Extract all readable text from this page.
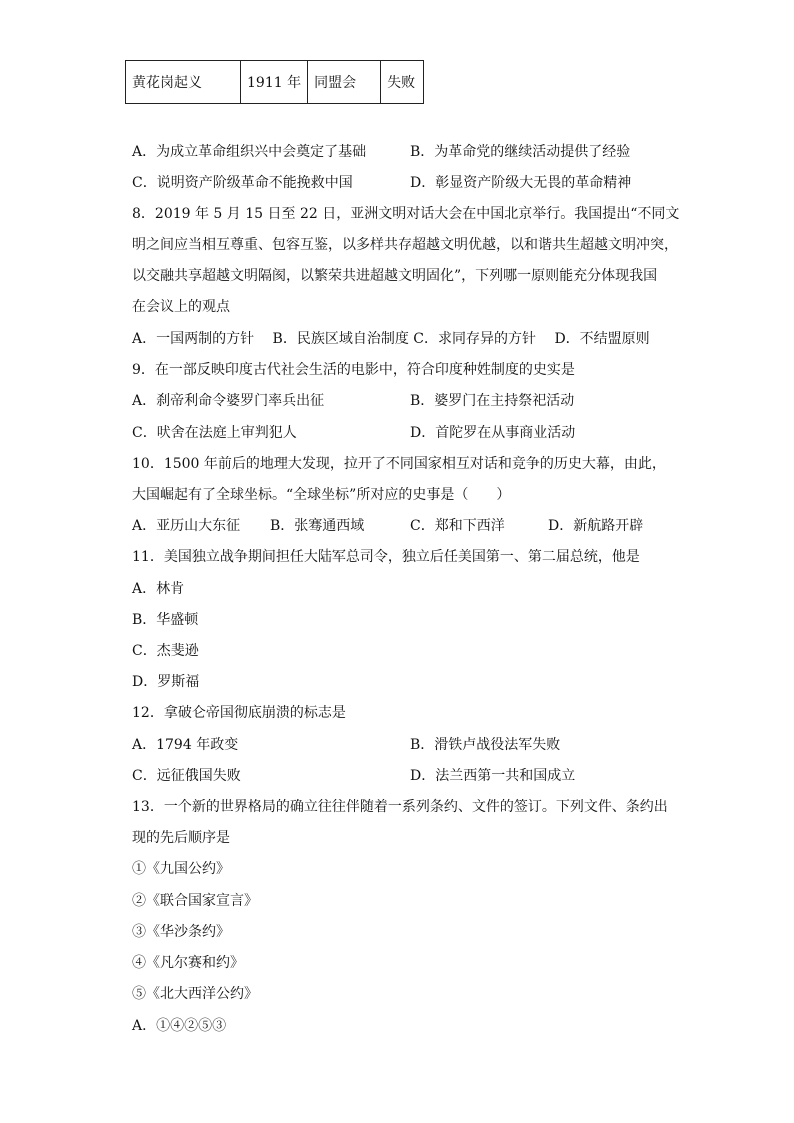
黄花岗起义	1911 年	同盟会	失败
A．为成立革命组织兴中会奠定了基础	B．为革命党的继续活动提供了经验
C．说明资产阶级革命不能挽救中国	D．彰显资产阶级大无畏的革命精神
8．2019 年 5 月 15 日至 22 日，亚洲文明对话大会在中国北京举行。我国提出“不同文
明之间应当相互尊重、包容互鉴，以多样共存超越文明优越，以和谐共生超越文明冲突，
以交融共享超越文明隔阂，以繁荣共进超越文明固化”，下列哪一原则能充分体现我国
在会议上的观点
A．一国两制的方针　 B．民族区域自治制度 C．求同存异的方针　 D．不结盟原则
9．在一部反映印度古代社会生活的电影中，符合印度种姓制度的史实是
A．刹帝利命令婆罗门率兵出征	B．婆罗门在主持祭祀活动
C．吠舍在法庭上审判犯人	D．首陀罗在从事商业活动
10．1500 年前后的地理大发现，拉开了不同国家相互对话和竞争的历史大幕，由此，
大国崛起有了全球坐标。“全球坐标”所对应的史事是（　　）
A．亚历山大东征 B．张骞通西域	C．郑和下西洋	D．新航路开辟
11．美国独立战争期间担任大陆军总司令，独立后任美国第一、第二届总统，他是
A．林肯
B．华盛顿
C．杰斐逊
D．罗斯福
12．拿破仑帝国彻底崩溃的标志是
A．1794 年政变	B．滑铁卢战役法军失败
C．远征俄国失败	D．法兰西第一共和国成立
13．一个新的世界格局的确立往往伴随着一系列条约、文件的签订。下列文件、条约出
现的先后顺序是
①《九国公约》
②《联合国家宣言》
③《华沙条约》
④《凡尔赛和约》
⑤《北大西洋公约》
A．①④②⑤③
